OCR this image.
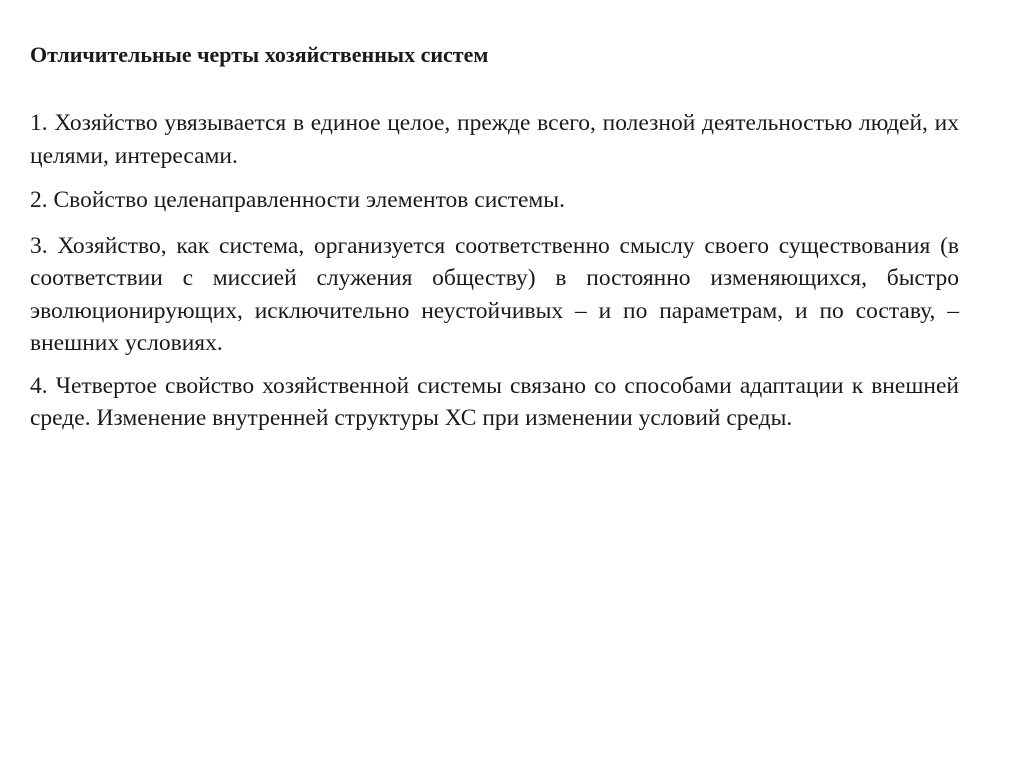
Отличительные черты хозяйственных систем

1. Хозяйство увязывается в единое целое, прежде всего, полезной деятельностью людей, их целями, интересами.

2. Свойство целенаправленности элементов системы.

3. Хозяйство, как система, организуется соответственно смыслу своего существования (в соответствии с миссией служения обществу) в постоянно изменяющихся, быстро эволюционирующих, исключительно неустойчивых – и по параметрам, и по составу, – внешних условиях.

4. Четвертое свойство хозяйственной системы связано со способами адаптации к внешней среде. Изменение внутренней структуры ХС при изменении условий среды.
